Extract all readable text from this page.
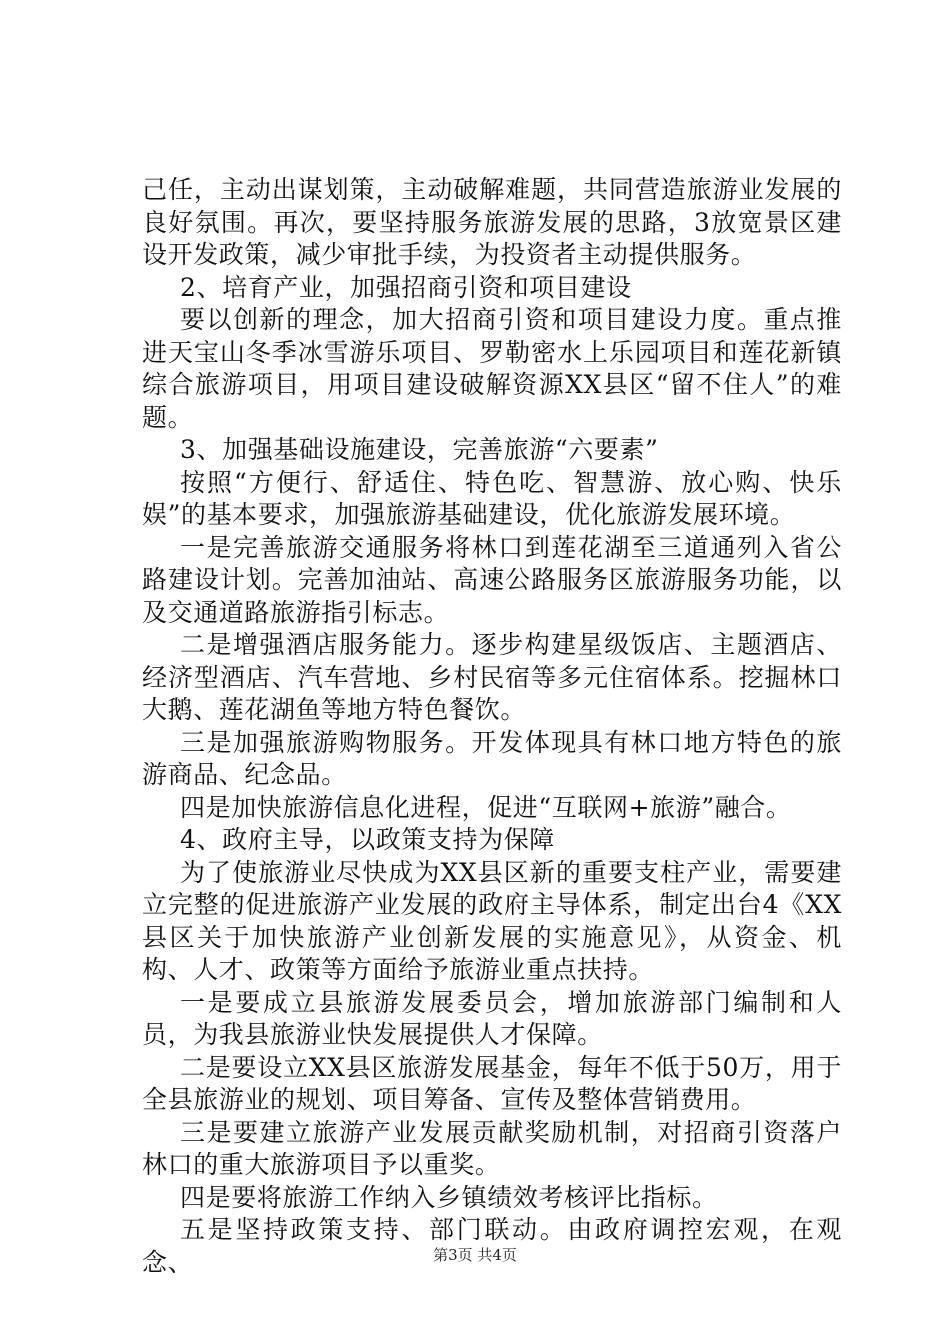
己任，主动出谋划策，主动破解难题，共同营造旅游业发展的良好氛围。再次，要坚持服务旅游发展的思路，3放宽景区建设开发政策，减少审批手续，为投资者主动提供服务。

2、培育产业，加强招商引资和项目建设

要以创新的理念，加大招商引资和项目建设力度。重点推进天宝山冬季冰雪游乐项目、罗勒密水上乐园项目和莲花新镇综合旅游项目，用项目建设破解资源XX县区“留不住人”的难题。

3、加强基础设施建设，完善旅游“六要素”

按照“方便行、舒适住、特色吃、智慧游、放心购、快乐娱”的基本要求，加强旅游基础建设，优化旅游发展环境。

一是完善旅游交通服务将林口到莲花湖至三道通列入省公路建设计划。完善加油站、高速公路服务区旅游服务功能，以及交通道路旅游指引标志。

二是增强酒店服务能力。逐步构建星级饭店、主题酒店、经济型酒店、汽车营地、乡村民宿等多元住宿体系。挖掘林口大鹅、莲花湖鱼等地方特色餐饮。

三是加强旅游购物服务。开发体现具有林口地方特色的旅游商品、纪念品。

四是加快旅游信息化进程，促进“互联网+旅游”融合。

4、政府主导，以政策支持为保障

为了使旅游业尽快成为XX县区新的重要支柱产业，需要建立完整的促进旅游产业发展的政府主导体系，制定出台4《XX县区关于加快旅游产业创新发展的实施意见》，从资金、机构、人才、政策等方面给予旅游业重点扶持。

一是要成立县旅游发展委员会，增加旅游部门编制和人员，为我县旅游业快发展提供人才保障。

二是要设立XX县区旅游发展基金，每年不低于50万，用于全县旅游业的规划、项目筹备、宣传及整体营销费用。

三是要建立旅游产业发展贡献奖励机制，对招商引资落户林口的重大旅游项目予以重奖。

四是要将旅游工作纳入乡镇绩效考核评比指标。

五是坚持政策支持、部门联动。由政府调控宏观，在观念、	第3页 共4页
